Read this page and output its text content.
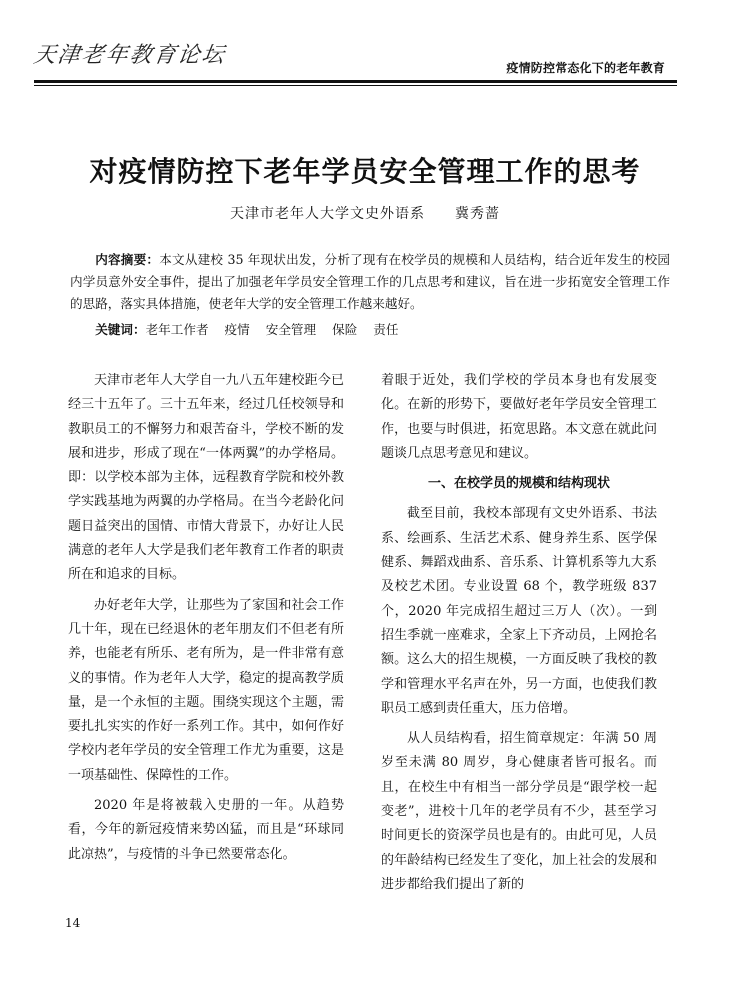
天津老年教育论坛	疫情防控常态化下的老年教育
对疫情防控下老年学员安全管理工作的思考
天津市老年人大学文史外语系 冀秀蔷
内容摘要：本文从建校 35 年现状出发，分析了现有在校学员的规模和人员结构，结合近年发生的校园内学员意外安全事件，提出了加强老年学员安全管理工作的几点思考和建议，旨在进一步拓宽安全管理工作的思路，落实具体措施，使老年大学的安全管理工作越来越好。
关键词：老年工作者 疫情 安全管理 保险 责任

天津市老年人大学自一九八五年建校距今已经三十五年了。三十五年来，经过几任校领导和教职员工的不懈努力和艰苦奋斗，学校不断的发展和进步，形成了现在“一体两翼”的办学格局。即：以学校本部为主体，远程教育学院和校外教学实践基地为两翼的办学格局。在当今老龄化问题日益突出的国情、市情大背景下，办好让人民满意的老年人大学是我们老年教育工作者的职责所在和追求的目标。

办好老年大学，让那些为了家国和社会工作几十年，现在已经退休的老年朋友们不但老有所养，也能老有所乐、老有所为，是一件非常有意义的事情。作为老年人大学，稳定的提高教学质量，是一个永恒的主题。围绕实现这个主题，需要扎扎实实的作好一系列工作。其中，如何作好学校内老年学员的安全管理工作尤为重要，这是一项基础性、保障性的工作。

2020 年是将被载入史册的一年。从趋势看，今年的新冠疫情来势凶猛，而且是“环球同此凉热”，与疫情的斗争已然要常态化。

着眼于近处，我们学校的学员本身也有发展变化。在新的形势下，要做好老年学员安全管理工作，也要与时俱进，拓宽思路。本文意在就此问题谈几点思考意见和建议。

一、在校学员的规模和结构现状

截至目前，我校本部现有文史外语系、书法系、绘画系、生活艺术系、健身养生系、医学保健系、舞蹈戏曲系、音乐系、计算机系等九大系及校艺术团。专业设置 68 个，教学班级 837 个，2020 年完成招生超过三万人（次）。一到招生季就一座难求，全家上下齐动员，上网抢名额。这么大的招生规模，一方面反映了我校的教学和管理水平名声在外，另一方面，也使我们教职员工感到责任重大，压力倍增。

从人员结构看，招生简章规定：年满 50 周岁至未满 80 周岁，身心健康者皆可报名。而且，在校生中有相当一部分学员是“跟学校一起变老”，进校十几年的老学员有不少，甚至学习时间更长的资深学员也是有的。由此可见，人员的年龄结构已经发生了变化，加上社会的发展和进步都给我们提出了新的

14
